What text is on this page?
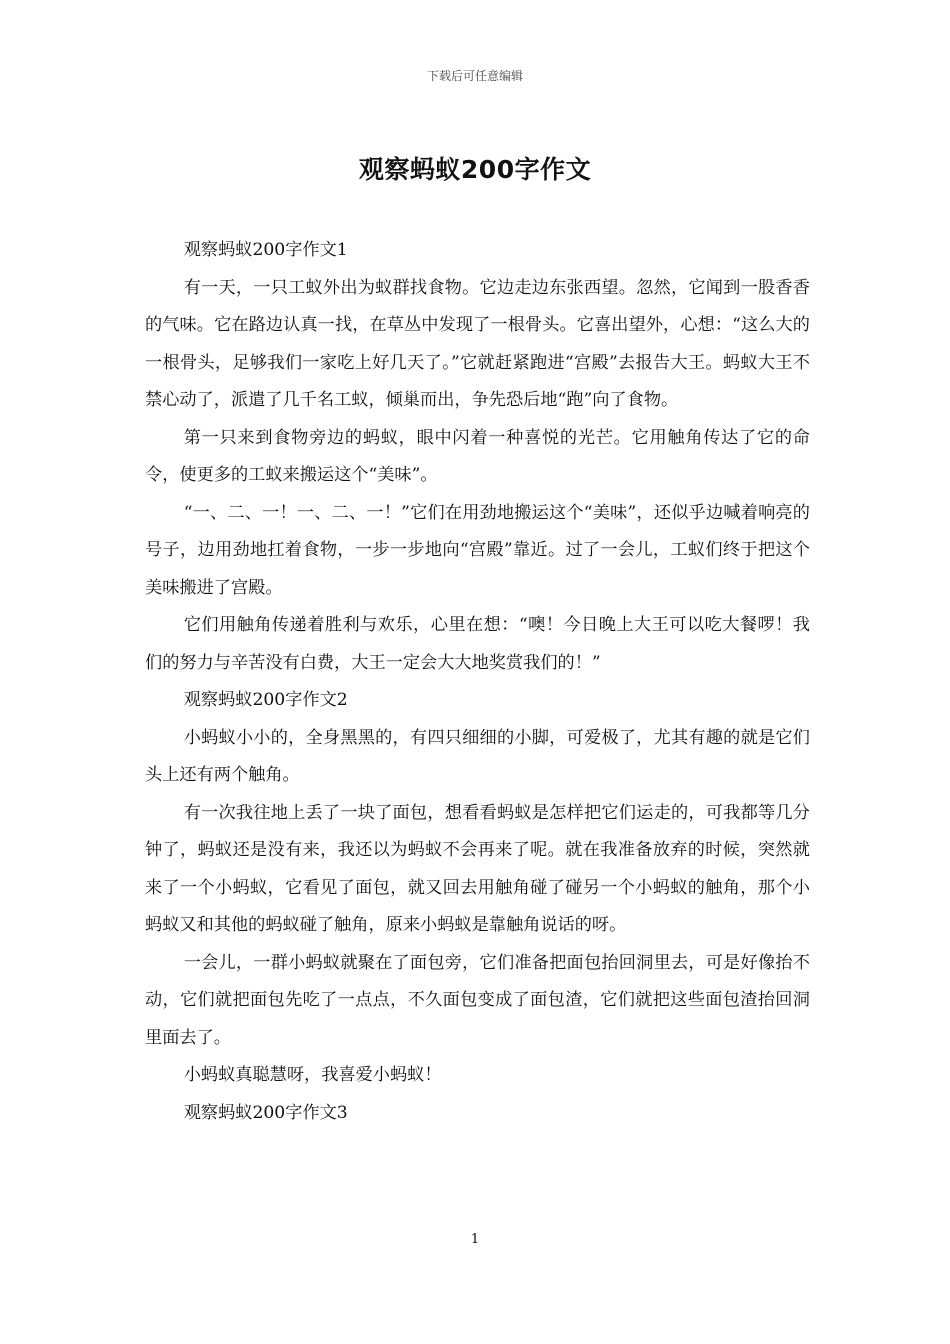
下载后可任意编辑
观察蚂蚁200字作文

观察蚂蚁200字作文1

有一天，一只工蚁外出为蚁群找食物。它边走边东张西望。忽然，它闻到一股香香的气味。它在路边认真一找，在草丛中发现了一根骨头。它喜出望外，心想：“这么大的一根骨头，足够我们一家吃上好几天了。”它就赶紧跑进“宫殿”去报告大王。蚂蚁大王不禁心动了，派遣了几千名工蚁，倾巢而出，争先恐后地“跑”向了食物。

第一只来到食物旁边的蚂蚁，眼中闪着一种喜悦的光芒。它用触角传达了它的命令，使更多的工蚁来搬运这个“美味”。

“一、二、一！一、二、一！”它们在用劲地搬运这个“美味”，还似乎边喊着响亮的号子，边用劲地扛着食物，一步一步地向“宫殿”靠近。过了一会儿，工蚁们终于把这个美味搬进了宫殿。

它们用触角传递着胜利与欢乐，心里在想：“噢！今日晚上大王可以吃大餐啰！我们的努力与辛苦没有白费，大王一定会大大地奖赏我们的！”

观察蚂蚁200字作文2

小蚂蚁小小的，全身黑黑的，有四只细细的小脚，可爱极了，尤其有趣的就是它们头上还有两个触角。

有一次我往地上丢了一块了面包，想看看蚂蚁是怎样把它们运走的，可我都等几分钟了，蚂蚁还是没有来，我还以为蚂蚁不会再来了呢。就在我准备放弃的时候，突然就来了一个小蚂蚁，它看见了面包，就又回去用触角碰了碰另一个小蚂蚁的触角，那个小蚂蚁又和其他的蚂蚁碰了触角，原来小蚂蚁是靠触角说话的呀。

一会儿，一群小蚂蚁就聚在了面包旁，它们准备把面包抬回洞里去，可是好像抬不动，它们就把面包先吃了一点点，不久面包变成了面包渣，它们就把这些面包渣抬回洞里面去了。

小蚂蚁真聪慧呀，我喜爱小蚂蚁！

观察蚂蚁200字作文3

1
